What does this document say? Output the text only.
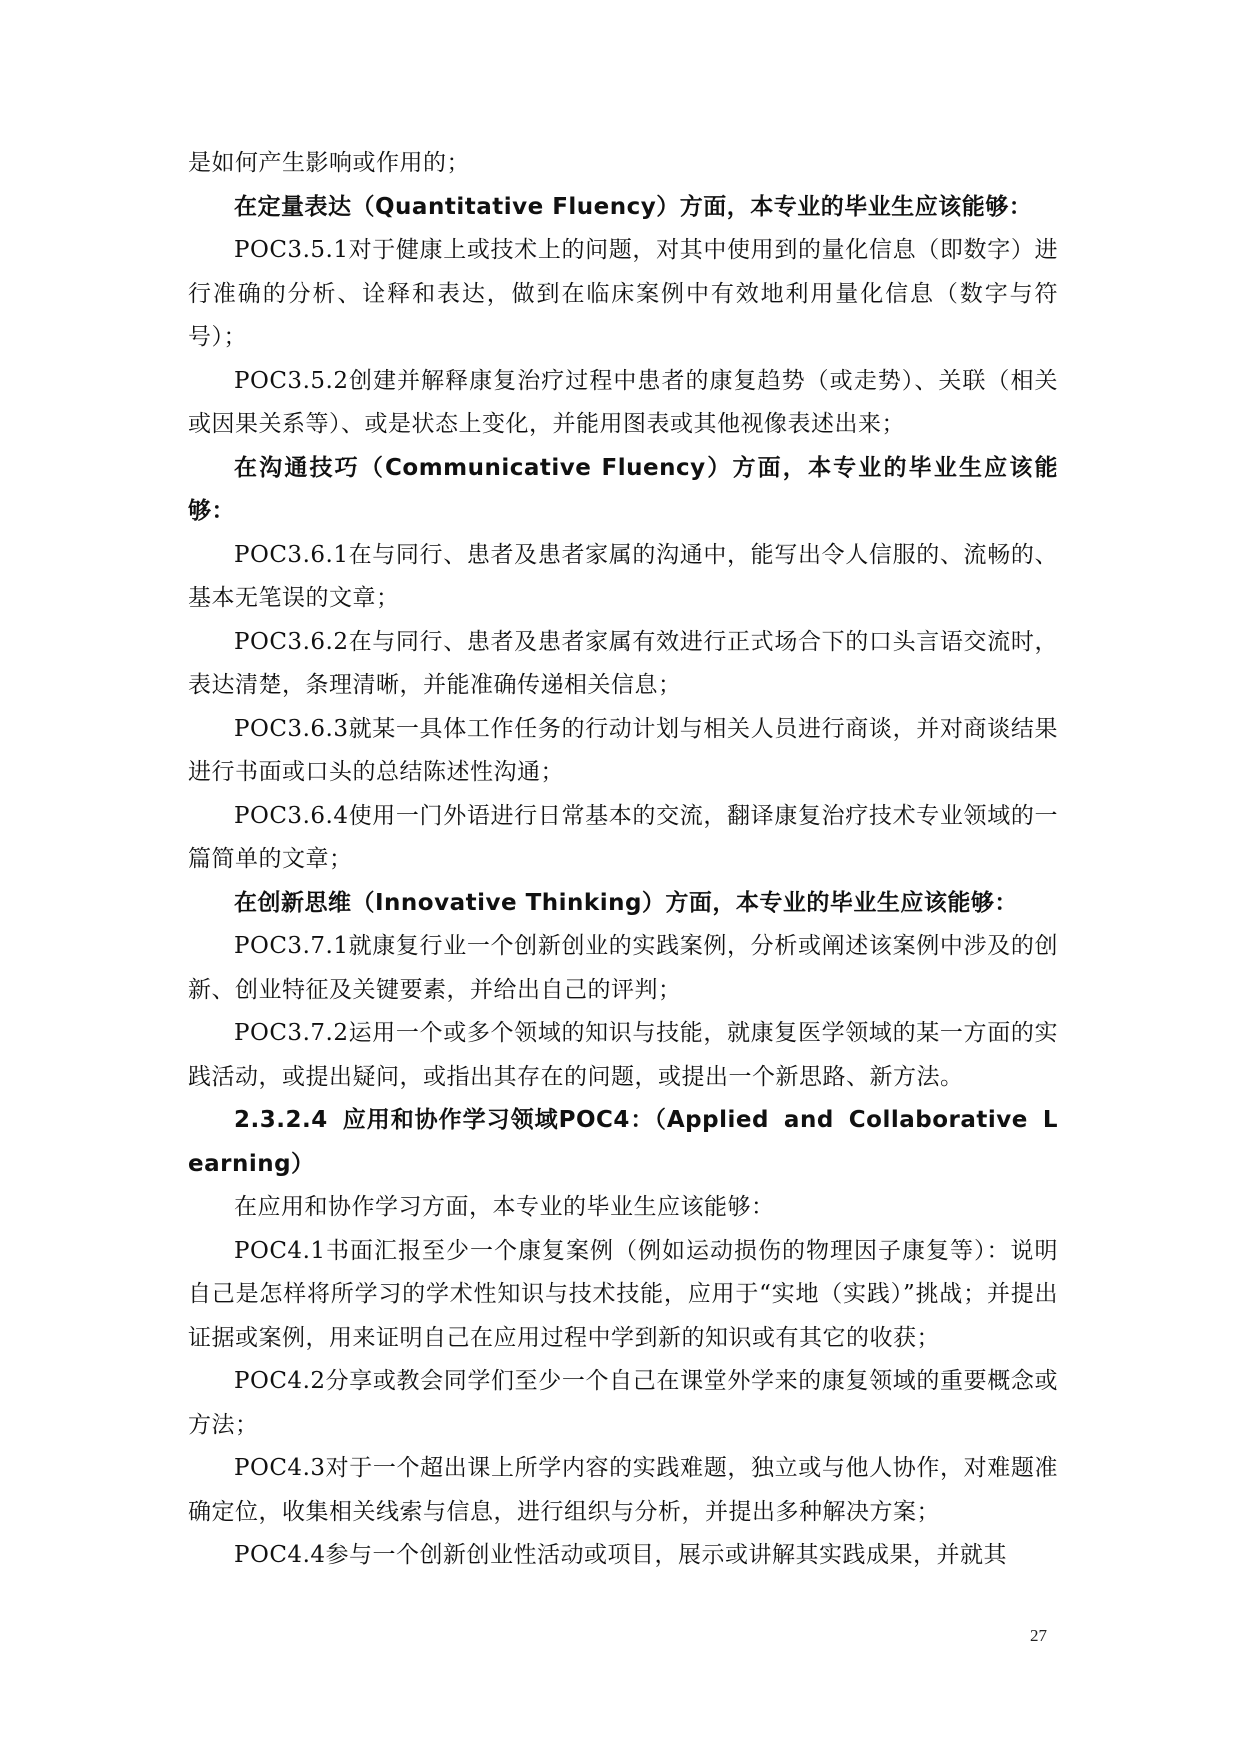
是如何产生影响或作用的；

在定量表达（Quantitative Fluency）方面，本专业的毕业生应该能够：

POC3.5.1对于健康上或技术上的问题，对其中使用到的量化信息（即数字）进行准确的分析、诠释和表达，做到在临床案例中有效地利用量化信息（数字与符号）；

POC3.5.2创建并解释康复治疗过程中患者的康复趋势（或走势）、关联（相关或因果关系等）、或是状态上变化，并能用图表或其他视像表述出来；

在沟通技巧（Communicative Fluency）方面，本专业的毕业生应该能够：

POC3.6.1在与同行、患者及患者家属的沟通中，能写出令人信服的、流畅的、基本无笔误的文章；

POC3.6.2在与同行、患者及患者家属有效进行正式场合下的口头言语交流时，表达清楚，条理清晰，并能准确传递相关信息；

POC3.6.3就某一具体工作任务的行动计划与相关人员进行商谈，并对商谈结果进行书面或口头的总结陈述性沟通；

POC3.6.4使用一门外语进行日常基本的交流，翻译康复治疗技术专业领域的一篇简单的文章；

在创新思维（Innovative Thinking）方面，本专业的毕业生应该能够：

POC3.7.1就康复行业一个创新创业的实践案例，分析或阐述该案例中涉及的创新、创业特征及关键要素，并给出自己的评判；

POC3.7.2运用一个或多个领域的知识与技能，就康复医学领域的某一方面的实践活动，或提出疑问，或指出其存在的问题，或提出一个新思路、新方法。

2.3.2.4 应用和协作学习领域POC4：（Applied and Collaborative Learning）

在应用和协作学习方面，本专业的毕业生应该能够：

POC4.1书面汇报至少一个康复案例（例如运动损伤的物理因子康复等）：说明自己是怎样将所学习的学术性知识与技术技能，应用于“实地（实践）”挑战；并提出证据或案例，用来证明自己在应用过程中学到新的知识或有其它的收获；

POC4.2分享或教会同学们至少一个自己在课堂外学来的康复领域的重要概念或方法；

POC4.3对于一个超出课上所学内容的实践难题，独立或与他人协作，对难题准确定位，收集相关线索与信息，进行组织与分析，并提出多种解决方案；

POC4.4参与一个创新创业性活动或项目，展示或讲解其实践成果，并就其

27
